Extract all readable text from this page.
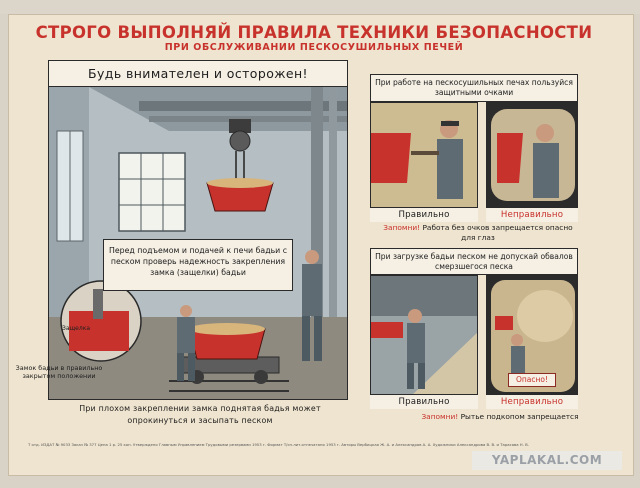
СТРОГО ВЫПОЛНЯЙ ПРАВИЛА ТЕХНИКИ БЕЗОПАСНОСТИ
ПРИ ОБСЛУЖИВАНИИ ПЕСКОСУШИЛЬНЫХ ПЕЧЕЙ
Будь внимателен и осторожен!
Перед подъемом и подачей к печи бадьи с песком проверь надежность закрепления замка (защелки) бадьи
Защелка
Замок бадьи в правильно закрытом положении
При плохом закреплении замка поднятая бадья может опрокинуться и засыпать песком
При работе на пескосушильных печах пользуйся защитными очками
Правильно	Неправильно
Запомни! Работа без очков запрещается опасно для глаз
При загрузке бадьи песком не допускай обвалов смерзшегося песка
Опасно!
Правильно	Неправильно
Запомни! Рытье подкопом запрещается
Т отд. ИЗДАТ № 9033 Заказ № 377 Цена 1 р. 25 коп. Утверждено Главным Управлением Трудовыми резервами 1953 г. Формат Т/сп.лит.отпечатано 1953 г. Авторы Вербицкая Ж. А. и Александров А. А. Художники Александрова В. В. и Тарасова Н. В.
YAPLAKAL.COM
